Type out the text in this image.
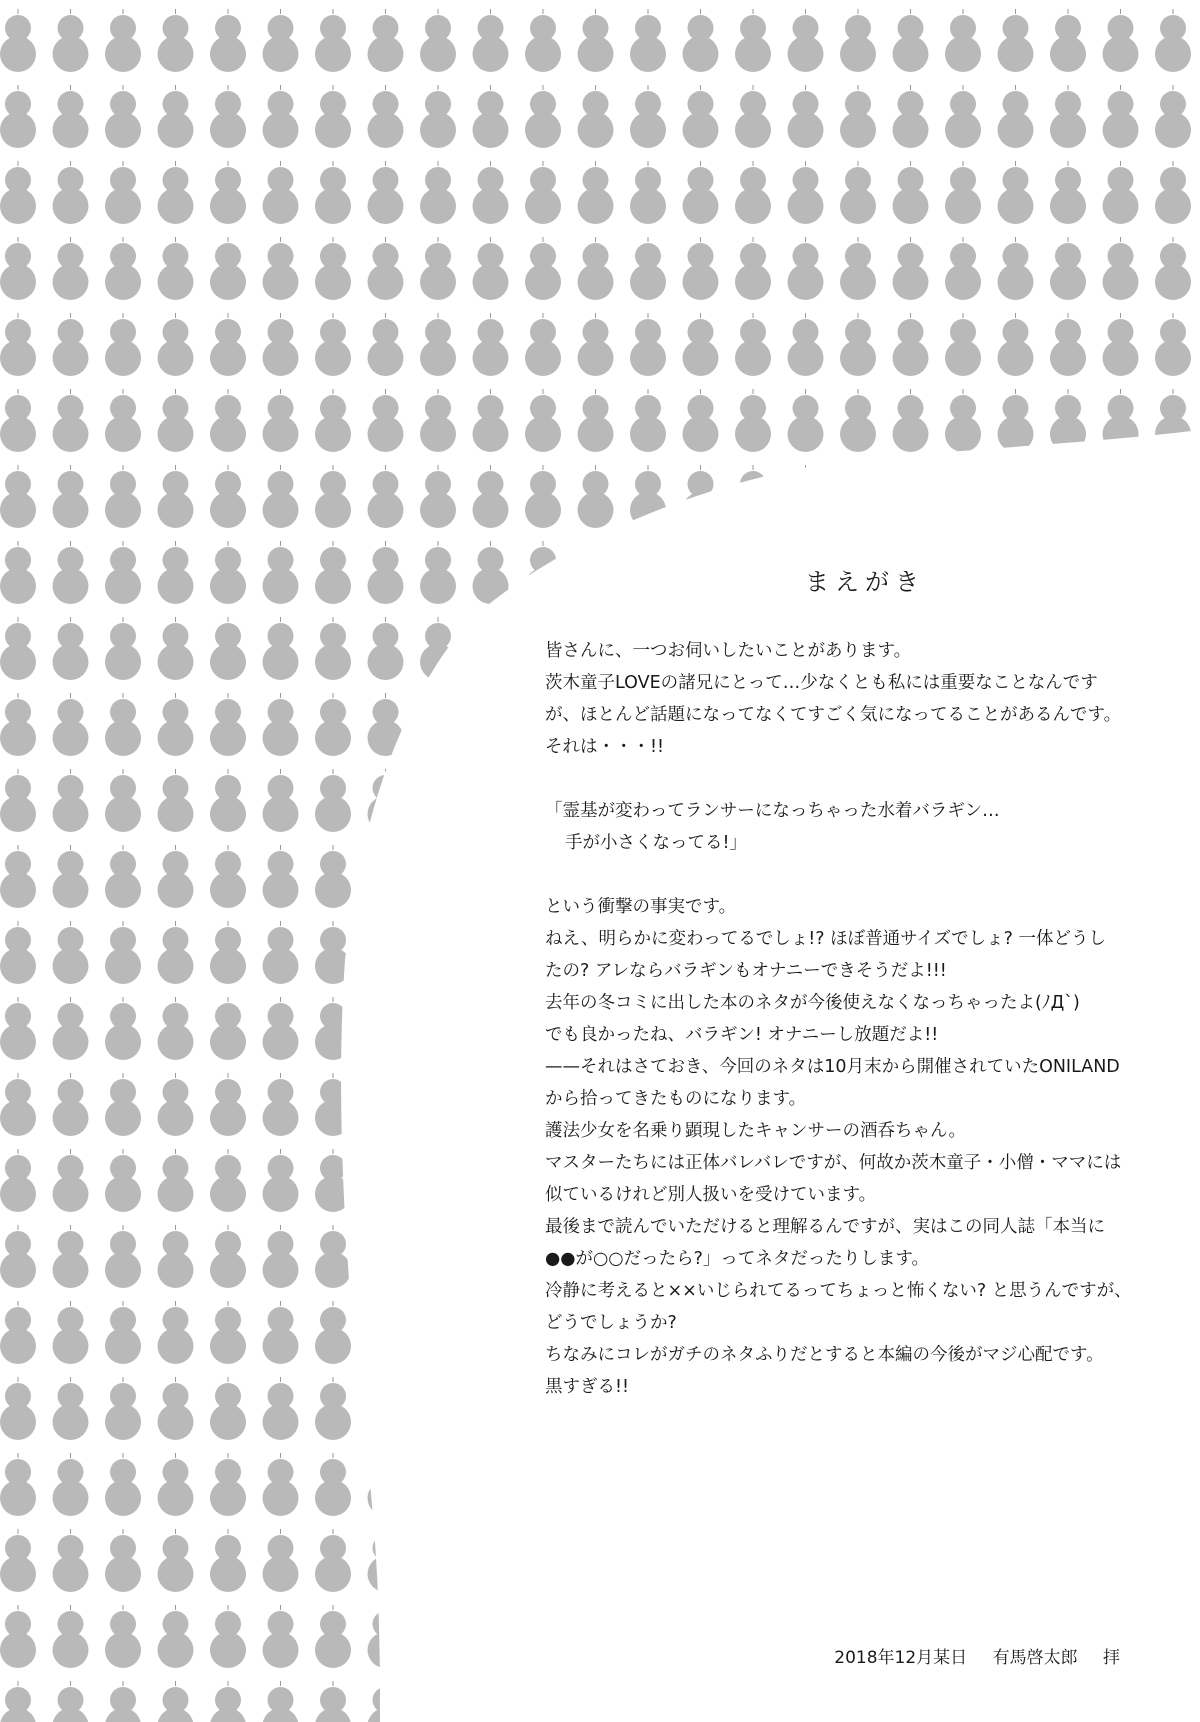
まえがき
皆さんに、一つお伺いしたいことがあります。
茨木童子LOVEの諸兄にとって…少なくとも私には重要なことなんです
が、ほとんど話題になってなくてすごく気になってることがあるんです。
それは・・・!!
「霊基が変わってランサーになっちゃった水着バラギン…
手が小さくなってる!」
という衝撃の事実です。
ねえ、明らかに変わってるでしょ!? ほぼ普通サイズでしょ? 一体どうし
たの? アレならバラギンもオナニーできそうだよ!!!
去年の冬コミに出した本のネタが今後使えなくなっちゃったよ(ﾉД`)
でも良かったね、バラギン! オナニーし放題だよ!!
——それはさておき、今回のネタは10月末から開催されていたONILAND
から拾ってきたものになります。
護法少女を名乗り顕現したキャンサーの酒呑ちゃん。
マスターたちには正体バレバレですが、何故か茨木童子・小僧・ママには
似ているけれど別人扱いを受けています。
最後まで読んでいただけると理解るんですが、実はこの同人誌「本当に
●●が○○だったら?」ってネタだったりします。
冷静に考えると××いじられてるってちょっと怖くない? と思うんですが、
どうでしょうか?
ちなみにコレがガチのネタふりだとすると本編の今後がマジ心配です。
黒すぎる!!
2018年12月某日 有馬啓太郎 拝
